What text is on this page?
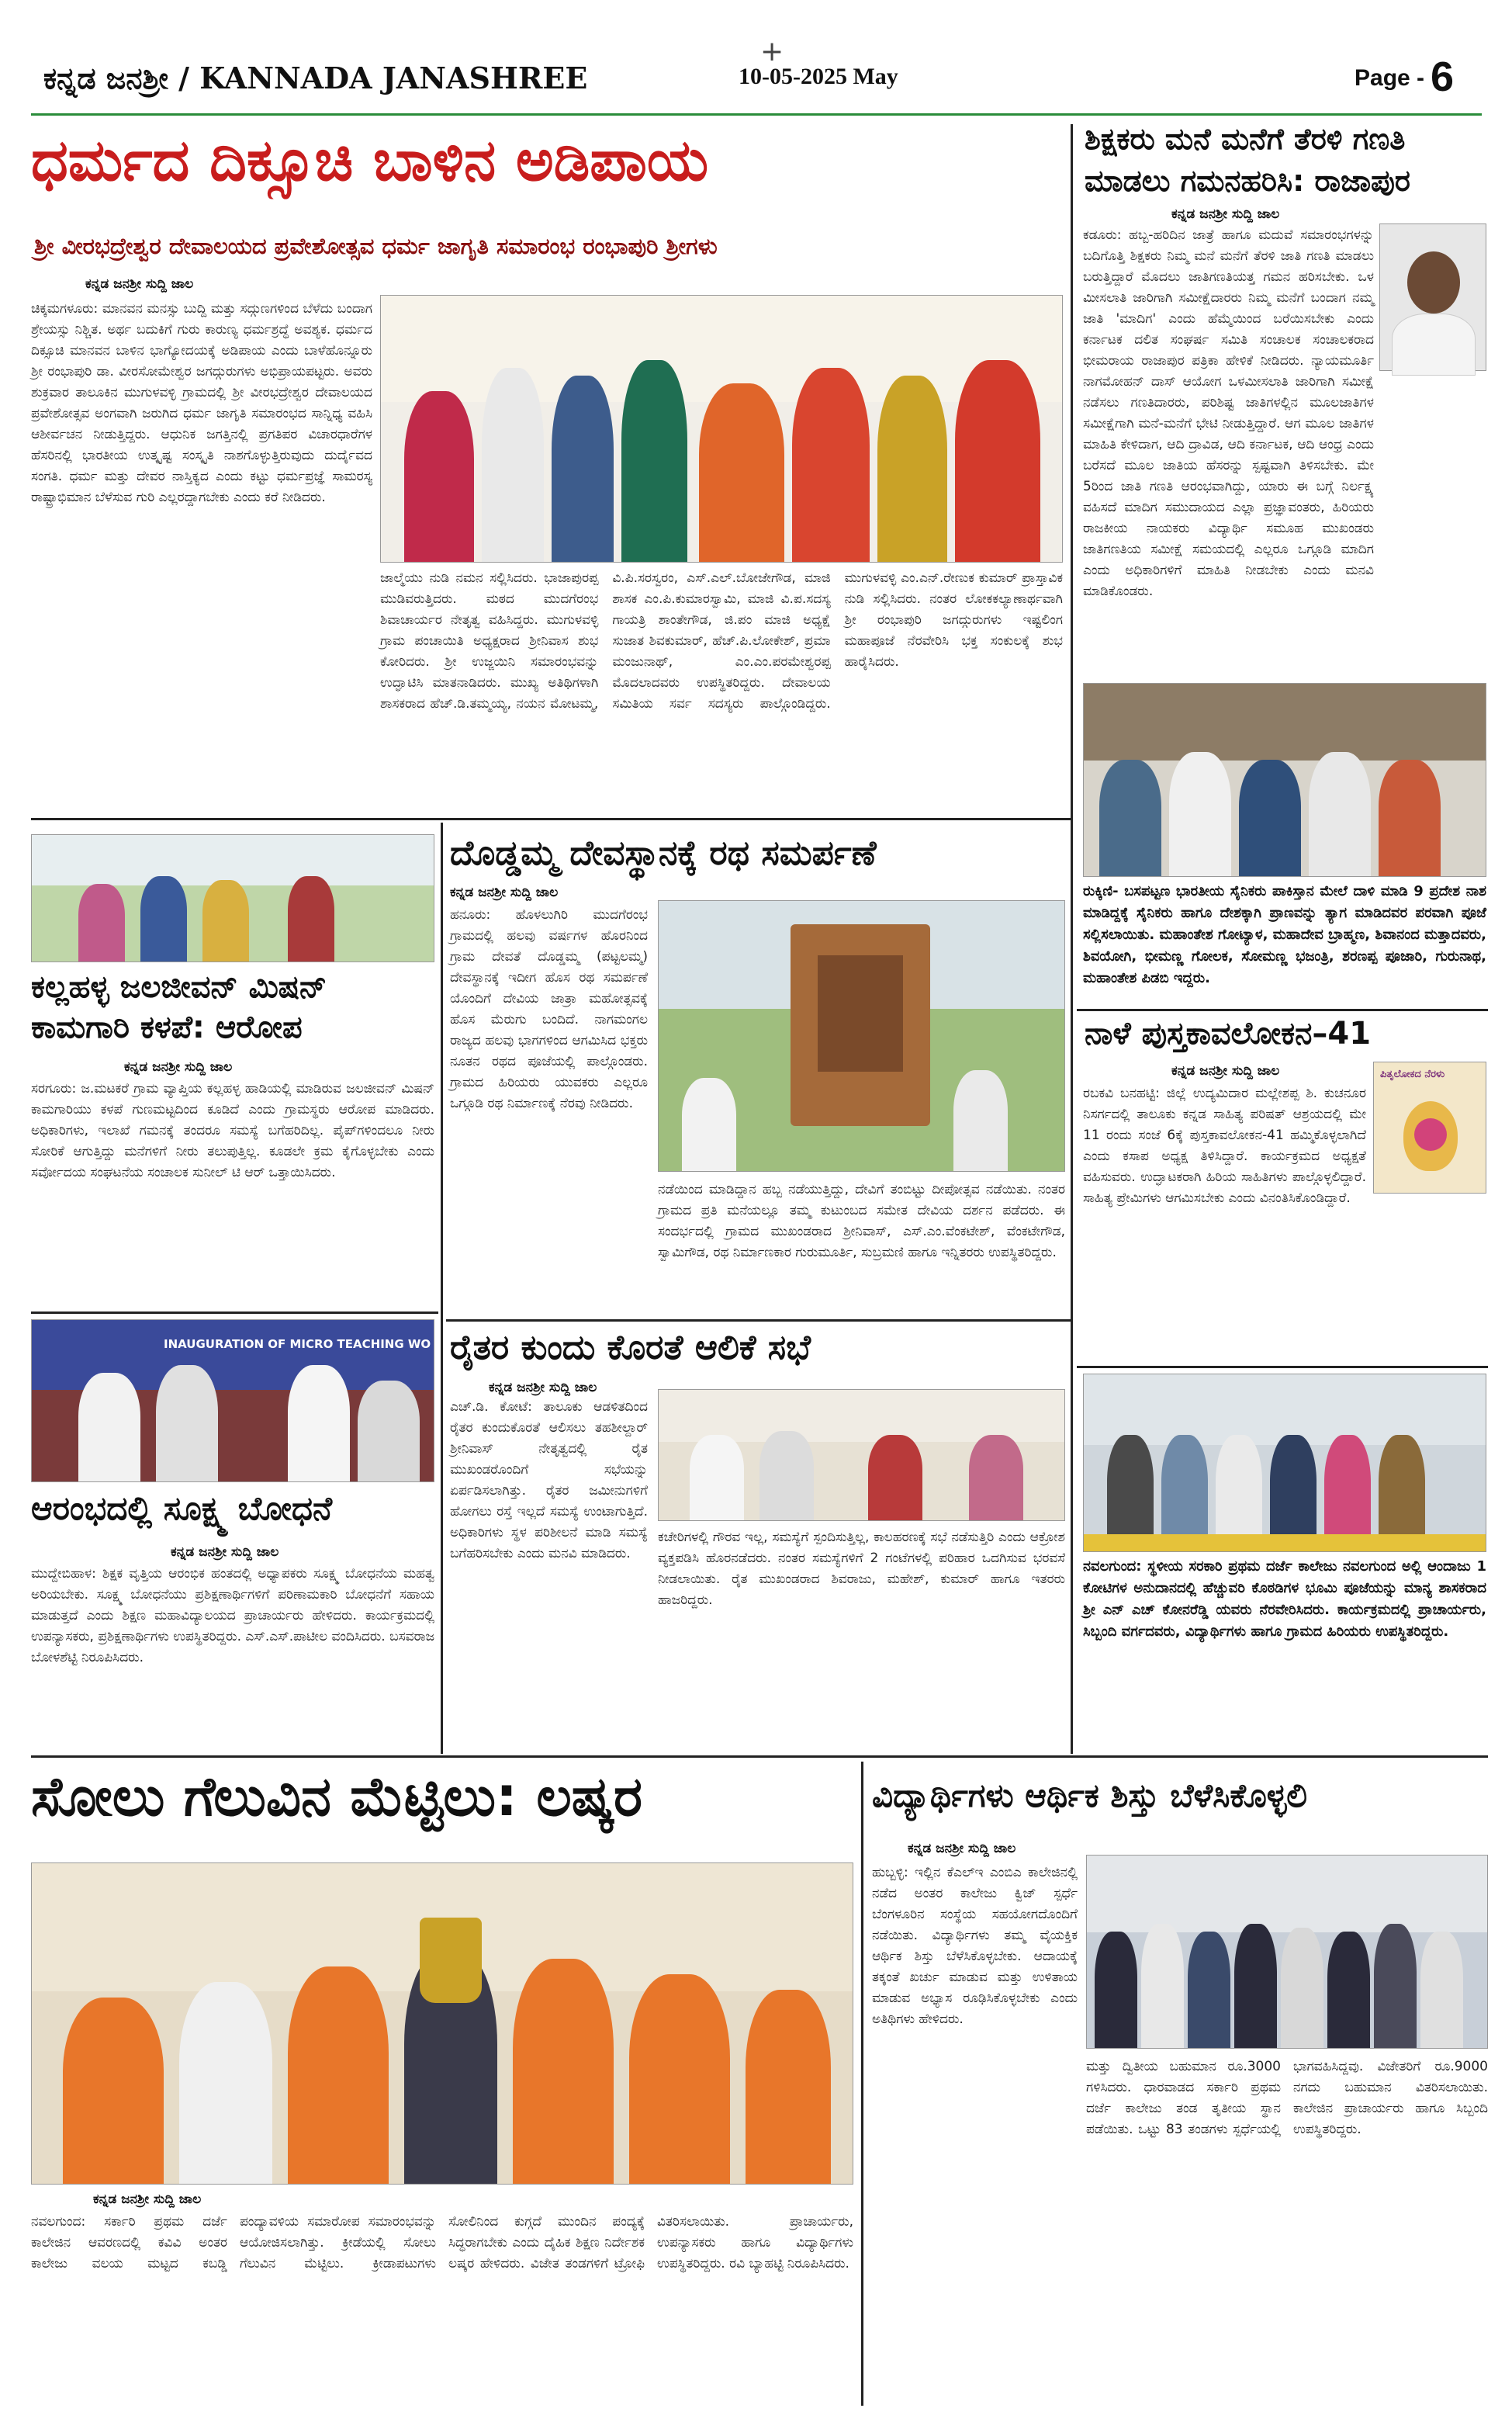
+
ಕನ್ನಡ ಜನಶ್ರೀ / KANNADA JANASHREE	10-05-2025 May	Page - 6
ಧರ್ಮದ ದಿಕ್ಸೂಚಿ ಬಾಳಿನ ಅಡಿಪಾಯ
ಶ್ರೀ ವೀರಭದ್ರೇಶ್ವರ ದೇವಾಲಯದ ಪ್ರವೇಶೋತ್ಸವ ಧರ್ಮ ಜಾಗೃತಿ ಸಮಾರಂಭ ರಂಭಾಪುರಿ ಶ್ರೀಗಳು
ಕನ್ನಡ ಜನಶ್ರೀ ಸುದ್ದಿ ಜಾಲ
ಚಿಕ್ಕಮಗಳೂರು: ಮಾನವನ ಮನಸ್ಸು ಬುದ್ದಿ ಮತ್ತು ಸದ್ಗುಣಗಳಿಂದ ಬೆಳೆದು ಬಂದಾಗ ಶ್ರೇಯಸ್ಸು ನಿಶ್ಚಿತ. ಅರ್ಥ ಬದುಕಿಗೆ ಗುರು ಕಾರುಣ್ಯ ಧರ್ಮಶ್ರದ್ಧೆ ಅವಶ್ಯಕ. ಧರ್ಮದ ದಿಕ್ಸೂಚಿ ಮಾನವನ ಬಾಳಿನ ಭಾಗ್ಯೋದಯಕ್ಕೆ ಅಡಿಪಾಯ ಎಂದು ಬಾಳೆಹೊನ್ನೂರು ಶ್ರೀ ರಂಭಾಪುರಿ ಡಾ. ವೀರಸೋಮೇಶ್ವರ ಜಗದ್ಗುರುಗಳು ಅಭಿಪ್ರಾಯಪಟ್ಟರು. ಅವರು ಶುಕ್ರವಾರ ತಾಲೂಕಿನ ಮುಗುಳವಳ್ಳಿ ಗ್ರಾಮದಲ್ಲಿ ಶ್ರೀ ವೀರಭದ್ರೇಶ್ವರ ದೇವಾಲಯದ ಪ್ರವೇಶೋತ್ಸವ ಅಂಗವಾಗಿ ಜರುಗಿದ ಧರ್ಮ ಜಾಗೃತಿ ಸಮಾರಂಭದ ಸಾನ್ನಿಧ್ಯ ವಹಿಸಿ ಆಶೀರ್ವಚನ ನೀಡುತ್ತಿದ್ದರು. ಆಧುನಿಕ ಜಗತ್ತಿನಲ್ಲಿ ಪ್ರಗತಿಪರ ವಿಚಾರಧಾರೆಗಳ ಹೆಸರಿನಲ್ಲಿ ಭಾರತೀಯ ಉತ್ಕೃಷ್ಟ ಸಂಸ್ಕೃತಿ ನಾಶಗೊಳ್ಳುತ್ತಿರುವುದು ದುರ್ದೈವದ ಸಂಗತಿ. ಧರ್ಮ ಮತ್ತು ದೇವರ ನಾಸ್ತಿಕ್ಯದ ಎಂದು ಕಟ್ಟು ಧರ್ಮಪ್ರಜ್ಞೆ ಸಾಮರಸ್ಯ ರಾಷ್ಟ್ರಾಭಿಮಾನ ಬೆಳೆಸುವ ಗುರಿ ಎಲ್ಲರದ್ದಾಗಬೇಕು ಎಂದು ಕರೆ ನೀಡಿದರು.
ಜಾಲ್ಮೆಯು ನುಡಿ ನಮನ ಸಲ್ಲಿಸಿದರು. ಭಾಜಾಪುರಪ್ಪ ಮುಡಿವರುತ್ತಿದರು. ಮಠದ ಮುದಗೆರಂಭ ಶಿವಾಚಾರ್ಯರ ನೇತೃತ್ವ ವಹಿಸಿದ್ದರು. ಮುಗುಳವಳ್ಳಿ ಗ್ರಾಮ ಪಂಚಾಯಿತಿ ಅಧ್ಯಕ್ಷರಾದ ಶ್ರೀನಿವಾಸ ಶುಭ ಕೋರಿದರು. ಶ್ರೀ ಉಜ್ಜಯಿನಿ ಸಮಾರಂಭವನ್ನು ಉದ್ಘಾಟಿಸಿ ಮಾತನಾಡಿದರು. ಮುಖ್ಯ ಅತಿಥಿಗಳಾಗಿ ಶಾಸಕರಾದ ಹೆಚ್.ಡಿ.ತಮ್ಮಯ್ಯ, ನಯನ ಮೋಟಮ್ಮ, ವಿ.ಪಿ.ಸರಸ್ವರಂ, ಎಸ್.ಎಲ್.ಬೋಜೇಗೌಡ, ಮಾಜಿ ಶಾಸಕ ಎಂ.ಪಿ.ಕುಮಾರಸ್ವಾಮಿ, ಮಾಜಿ ವಿ.ಪ.ಸದಸ್ಯ ಗಾಯತ್ರಿ ಶಾಂತೇಗೌಡ, ಜಿ.ಪಂ ಮಾಜಿ ಅಧ್ಯಕ್ಷೆ ಸುಜಾತ ಶಿವಕುಮಾರ್, ಹೆಚ್.ಪಿ.ಲೋಕೇಶ್, ಪ್ರಮಾ ಮಂಜುನಾಥ್, ಎಂ.ಎಂ.ಪರಮೇಶ್ವರಪ್ಪ ಮೊದಲಾದವರು ಉಪಸ್ಥಿತರಿದ್ದರು. ದೇವಾಲಯ ಸಮಿತಿಯ ಸರ್ವ ಸದಸ್ಯರು ಪಾಲ್ಗೊಂಡಿದ್ದರು. ಮುಗುಳವಳ್ಳಿ ಎಂ.ಎನ್.ರೇಣುಕ ಕುಮಾರ್ ಪ್ರಾಸ್ತಾವಿಕ ನುಡಿ ಸಲ್ಲಿಸಿದರು. ನಂತರ ಲೋಕಕಲ್ಯಾಣಾರ್ಥವಾಗಿ ಶ್ರೀ ರಂಭಾಪುರಿ ಜಗದ್ಗುರುಗಳು ಇಷ್ಟಲಿಂಗ ಮಹಾಪೂಜೆ ನೆರವೇರಿಸಿ ಭಕ್ತ ಸಂಕುಲಕ್ಕೆ ಶುಭ ಹಾರೈಸಿದರು.
ಶಿಕ್ಷಕರು ಮನೆ ಮನೆಗೆ ತೆರಳಿ ಗಣತಿ
ಮಾಡಲು ಗಮನಹರಿಸಿ: ರಾಜಾಪುರ
ಕನ್ನಡ ಜನಶ್ರೀ ಸುದ್ದಿ ಜಾಲ
ಕಡೂರು: ಹಬ್ಬ-ಹರಿದಿನ ಜಾತ್ರೆ ಹಾಗೂ ಮದುವೆ ಸಮಾರಂಭಗಳನ್ನು ಬದಿಗೊತ್ತಿ ಶಿಕ್ಷಕರು ನಿಮ್ಮ ಮನೆ ಮನೆಗೆ ತೆರಳಿ ಜಾತಿ ಗಣತಿ ಮಾಡಲು ಬರುತ್ತಿದ್ದಾರೆ ಮೊದಲು ಜಾತಿಗಣತಿಯತ್ತ ಗಮನ ಹರಿಸಬೇಕು. ಒಳ ಮೀಸಲಾತಿ ಜಾರಿಗಾಗಿ ಸಮೀಕ್ಷೆದಾರರು ನಿಮ್ಮ ಮನೆಗೆ ಬಂದಾಗ ನಮ್ಮ ಜಾತಿ 'ಮಾದಿಗ' ಎಂದು ಹೆಮ್ಮೆಯಿಂದ ಬರೆಯಿಸಬೇಕು ಎಂದು ಕರ್ನಾಟಕ ದಲಿತ ಸಂಘರ್ಷ ಸಮಿತಿ ಸಂಚಾಲಕ ಸಂಚಾಲಕರಾದ ಭೀಮರಾಯ ರಾಜಾಪುರ ಪತ್ರಿಕಾ ಹೇಳಿಕೆ ನೀಡಿದರು. ನ್ಯಾಯಮೂರ್ತಿ ನಾಗಮೋಹನ್ ದಾಸ್ ಆಯೋಗ ಒಳಮೀಸಲಾತಿ ಜಾರಿಗಾಗಿ ಸಮೀಕ್ಷೆ ನಡೆಸಲು ಗಣತಿದಾರರು, ಪರಿಶಿಷ್ಟ ಜಾತಿಗಳಲ್ಲಿನ ಮೂಲಜಾತಿಗಳ ಸಮೀಕ್ಷೆಗಾಗಿ ಮನೆ-ಮನೆಗೆ ಭೇಟಿ ನೀಡುತ್ತಿದ್ದಾರೆ. ಆಗ ಮೂಲ ಜಾತಿಗಳ ಮಾಹಿತಿ ಕೇಳಿದಾಗ, ಆದಿ ದ್ರಾವಿಡ, ಆದಿ ಕರ್ನಾಟಕ, ಆದಿ ಆಂಧ್ರ ಎಂದು ಬರೆಸದೆ ಮೂಲ ಜಾತಿಯ ಹೆಸರನ್ನು ಸ್ಪಷ್ಟವಾಗಿ ತಿಳಿಸಬೇಕು. ಮೇ 5ರಿಂದ ಜಾತಿ ಗಣತಿ ಆರಂಭವಾಗಿದ್ದು, ಯಾರು ಈ ಬಗ್ಗೆ ನಿರ್ಲಕ್ಷ್ಯ ವಹಿಸದೆ ಮಾದಿಗ ಸಮುದಾಯದ ಎಲ್ಲಾ ಪ್ರಜ್ಞಾವಂತರು, ಹಿರಿಯರು ರಾಜಕೀಯ ನಾಯಕರು ವಿದ್ಯಾರ್ಥಿ ಸಮೂಹ ಮುಖಂಡರು ಜಾತಿಗಣತಿಯ ಸಮೀಕ್ಷೆ ಸಮಯದಲ್ಲಿ ಎಲ್ಲರೂ ಒಗ್ಗೂಡಿ ಮಾದಿಗ ಎಂದು ಅಧಿಕಾರಿಗಳಿಗೆ ಮಾಹಿತಿ ನೀಡಬೇಕು ಎಂದು ಮನವಿ ಮಾಡಿಕೊಂಡರು.
ರುಕ್ಕಿಣಿ- ಬಸಪಟ್ಟಣ ಭಾರತೀಯ ಸೈನಿಕರು ಪಾಕಿಸ್ತಾನ ಮೇಲೆ ದಾಳಿ ಮಾಡಿ 9 ಪ್ರದೇಶ ನಾಶ ಮಾಡಿದ್ದಕ್ಕೆ ಸೈನಿಕರು ಹಾಗೂ ದೇಶಕ್ಕಾಗಿ ಪ್ರಾಣವನ್ನು ತ್ಯಾಗ ಮಾಡಿದವರ ಪರವಾಗಿ ಪೂಜೆ ಸಲ್ಲಿಸಲಾಯಿತು. ಮಹಾಂತೇಶ ಗೋಟ್ಯಾಳ, ಮಹಾದೇವ ಬ್ರಾಹ್ಮಣ, ಶಿವಾನಂದ ಮತ್ತಾದವರು, ಶಿವಯೋಗಿ, ಭೀಮಣ್ಣ ಗೋಲಕ, ಸೋಮಣ್ಣ ಭಜಂತ್ರಿ, ಶರಣಪ್ಪ ಪೂಜಾರಿ, ಗುರುನಾಥ, ಮಹಾಂತೇಶ ಪಿಡಬಿ ಇದ್ದರು.
ನಾಳೆ ಪುಸ್ತಕಾವಲೋಕನ–41
ಕನ್ನಡ ಜನಶ್ರೀ ಸುದ್ದಿ ಜಾಲ
ರಬಕವಿ ಬನಹಟ್ಟಿ: ಜಿಲ್ಲೆ ಉದ್ಯಮಿದಾರ ಮಲ್ಲೇಶಪ್ಪ ಶಿ. ಕುಚನೂರ ನಿಸರ್ಗದಲ್ಲಿ ತಾಲೂಕು ಕನ್ನಡ ಸಾಹಿತ್ಯ ಪರಿಷತ್ ಆಶ್ರಯದಲ್ಲಿ ಮೇ 11 ರಂದು ಸಂಜೆ 6ಕ್ಕೆ ಪುಸ್ತಕಾವಲೋಕನ-41 ಹಮ್ಮಿಕೊಳ್ಳಲಾಗಿದೆ ಎಂದು ಕಸಾಪ ಅಧ್ಯಕ್ಷ ತಿಳಿಸಿದ್ದಾರೆ. ಕಾರ್ಯಕ್ರಮದ ಅಧ್ಯಕ್ಷತೆ ವಹಿಸುವರು. ಉದ್ಘಾಟಕರಾಗಿ ಹಿರಿಯ ಸಾಹಿತಿಗಳು ಪಾಲ್ಗೊಳ್ಳಲಿದ್ದಾರೆ. ಸಾಹಿತ್ಯ ಪ್ರೇಮಿಗಳು ಆಗಮಿಸಬೇಕು ಎಂದು ವಿನಂತಿಸಿಕೊಂಡಿದ್ದಾರೆ.
ಪಿತೃಲೋಕದ ನೆರಳು
ನವಲಗುಂದ: ಸ್ಥಳೀಯ ಸರಕಾರಿ ಪ್ರಥಮ ದರ್ಜೆ ಕಾಲೇಜು ನವಲಗುಂದ ಅಲ್ಲಿ ಆಂದಾಜು 1 ಕೋಟಿಗಳ ಅನುದಾನದಲ್ಲಿ ಹೆಚ್ಚುವರಿ ಕೊಠಡಿಗಳ ಭೂಮಿ ಪೂಜೆಯನ್ನು ಮಾನ್ಯ ಶಾಸಕರಾದ ಶ್ರೀ ಎನ್ ಎಚ್ ಕೋನರೆಡ್ಡಿ ಯವರು ನೆರವೇರಿಸಿದರು. ಕಾರ್ಯಕ್ರಮದಲ್ಲಿ ಪ್ರಾಚಾರ್ಯರು, ಸಿಬ್ಬಂದಿ ವರ್ಗದವರು, ವಿದ್ಯಾರ್ಥಿಗಳು ಹಾಗೂ ಗ್ರಾಮದ ಹಿರಿಯರು ಉಪಸ್ಥಿತರಿದ್ದರು.
ಕಲ್ಲಹಳ್ಳ ಜಲಜೀವನ್ ಮಿಷನ್
ಕಾಮಗಾರಿ ಕಳಪೆ: ಆರೋಪ
ಕನ್ನಡ ಜನಶ್ರೀ ಸುದ್ದಿ ಜಾಲ
ಸರಗೂರು: ಜ.ಮಟಕರೆ ಗ್ರಾಮ ವ್ಯಾಪ್ತಿಯ ಕಲ್ಲಹಳ್ಳ ಹಾಡಿಯಲ್ಲಿ ಮಾಡಿರುವ ಜಲಜೀವನ್ ಮಿಷನ್ ಕಾಮಗಾರಿಯು ಕಳಪೆ ಗುಣಮಟ್ಟದಿಂದ ಕೂಡಿದೆ ಎಂದು ಗ್ರಾಮಸ್ಥರು ಆರೋಪ ಮಾಡಿದರು. ಅಧಿಕಾರಿಗಳು, ಇಲಾಖೆ ಗಮನಕ್ಕೆ ತಂದರೂ ಸಮಸ್ಯೆ ಬಗೆಹರಿದಿಲ್ಲ. ಪೈಪ್‌ಗಳಿಂದಲೂ ನೀರು ಸೋರಿಕೆ ಆಗುತ್ತಿದ್ದು ಮನೆಗಳಿಗೆ ನೀರು ತಲುಪುತ್ತಿಲ್ಲ. ಕೂಡಲೇ ಕ್ರಮ ಕೈಗೊಳ್ಳಬೇಕು ಎಂದು ಸರ್ವೋದಯ ಸಂಘಟನೆಯ ಸಂಚಾಲಕ ಸುನೀಲ್ ಟಿ ಆರ್ ಒತ್ತಾಯಿಸಿದರು.
INAUGURATION OF MICRO TEACHING WO
ಆರಂಭದಲ್ಲಿ ಸೂಕ್ಷ್ಮ ಬೋಧನೆ
ಕನ್ನಡ ಜನಶ್ರೀ ಸುದ್ದಿ ಜಾಲ
ಮುದ್ದೇಬಿಹಾಳ: ಶಿಕ್ಷಕ ವೃತ್ತಿಯ ಆರಂಭಿಕ ಹಂತದಲ್ಲಿ ಅಧ್ಯಾಪಕರು ಸೂಕ್ಷ್ಮ ಬೋಧನೆಯ ಮಹತ್ವ ಅರಿಯಬೇಕು. ಸೂಕ್ಷ್ಮ ಬೋಧನೆಯು ಪ್ರಶಿಕ್ಷಣಾರ್ಥಿಗಳಿಗೆ ಪರಿಣಾಮಕಾರಿ ಬೋಧನೆಗೆ ಸಹಾಯ ಮಾಡುತ್ತದೆ ಎಂದು ಶಿಕ್ಷಣ ಮಹಾವಿದ್ಯಾಲಯದ ಪ್ರಾಚಾರ್ಯರು ಹೇಳಿದರು. ಕಾರ್ಯಕ್ರಮದಲ್ಲಿ ಉಪನ್ಯಾಸಕರು, ಪ್ರಶಿಕ್ಷಣಾರ್ಥಿಗಳು ಉಪಸ್ಥಿತರಿದ್ದರು. ಎಸ್.ಎಸ್.ಪಾಟೀಲ ವಂದಿಸಿದರು. ಬಸವರಾಜ ಬೋಳಶೆಟ್ಟಿ ನಿರೂಪಿಸಿದರು.
ದೊಡ್ಡಮ್ಮ ದೇವಸ್ಥಾನಕ್ಕೆ ರಥ ಸಮರ್ಪಣೆ
ಕನ್ನಡ ಜನಶ್ರೀ ಸುದ್ದಿ ಜಾಲ
ಹನೂರು: ಹೊಳಲುಗಿರಿ ಮುದಗೆರಂಭ ಗ್ರಾಮದಲ್ಲಿ ಹಲವು ವರ್ಷಗಳ ಹೊರನಿಂದ ಗ್ರಾಮ ದೇವತೆ ದೊಡ್ಡಮ್ಮ (ಪಟ್ಟಲಮ್ಮ) ದೇವಸ್ಥಾನಕ್ಕೆ ಇದೀಗ ಹೊಸ ರಥ ಸಮರ್ಪಣೆ ಯೊಂದಿಗೆ ದೇವಿಯ ಜಾತ್ರಾ ಮಹೋತ್ಸವಕ್ಕೆ ಹೊಸ ಮೆರುಗು ಬಂದಿದೆ. ನಾಗಮಂಗಲ ರಾಜ್ಯದ ಹಲವು ಭಾಗಗಳಿಂದ ಆಗಮಿಸಿದ ಭಕ್ತರು ನೂತನ ರಥದ ಪೂಜೆಯಲ್ಲಿ ಪಾಲ್ಗೊಂಡರು. ಗ್ರಾಮದ ಹಿರಿಯರು ಯುವಕರು ಎಲ್ಲರೂ ಒಗ್ಗೂಡಿ ರಥ ನಿರ್ಮಾಣಕ್ಕೆ ನೆರವು ನೀಡಿದರು.
ನಡೆಯಿಂದ ಮಾಡಿದ್ದಾನ ಹಬ್ಬ ನಡೆಯುತ್ತಿದ್ದು, ದೇವಿಗೆ ತಂಬಿಟ್ಟು ದೀಪೋತ್ಸವ ನಡೆಯಿತು. ನಂತರ ಗ್ರಾಮದ ಪ್ರತಿ ಮನೆಯಲ್ಲೂ ತಮ್ಮ ಕುಟುಂಬದ ಸಮೇತ ದೇವಿಯ ದರ್ಶನ ಪಡೆದರು. ಈ ಸಂದರ್ಭದಲ್ಲಿ ಗ್ರಾಮದ ಮುಖಂಡರಾದ ಶ್ರೀನಿವಾಸ್, ಎಸ್.ಎಂ.ವೆಂಕಟೇಶ್, ವೆಂಕಟೇಗೌಡ, ಸ್ವಾಮಿಗೌಡ, ರಥ ನಿರ್ಮಾಣಕಾರ ಗುರುಮೂರ್ತಿ, ಸುಬ್ರಮಣಿ ಹಾಗೂ ಇನ್ನಿತರರು ಉಪಸ್ಥಿತರಿದ್ದರು.
ರೈತರ ಕುಂದು ಕೊರತೆ ಆಲಿಕೆ ಸಭೆ
ಕನ್ನಡ ಜನಶ್ರೀ ಸುದ್ದಿ ಜಾಲ
ಎಚ್.ಡಿ. ಕೋಟೆ: ತಾಲೂಕು ಆಡಳಿತದಿಂದ ರೈತರ ಕುಂದುಕೊರತೆ ಆಲಿಸಲು ತಹಶೀಲ್ದಾರ್ ಶ್ರೀನಿವಾಸ್ ನೇತೃತ್ವದಲ್ಲಿ ರೈತ ಮುಖಂಡರೊಂದಿಗೆ ಸಭೆಯನ್ನು ಏರ್ಪಡಿಸಲಾಗಿತ್ತು. ರೈತರ ಜಮೀನುಗಳಿಗೆ ಹೋಗಲು ರಸ್ತೆ ಇಲ್ಲದೆ ಸಮಸ್ಯೆ ಉಂಟಾಗುತ್ತಿದೆ. ಅಧಿಕಾರಿಗಳು ಸ್ಥಳ ಪರಿಶೀಲನೆ ಮಾಡಿ ಸಮಸ್ಯೆ ಬಗೆಹರಿಸಬೇಕು ಎಂದು ಮನವಿ ಮಾಡಿದರು.
ಕಚೇರಿಗಳಲ್ಲಿ ಗೌರವ ಇಲ್ಲ, ಸಮಸ್ಯೆಗೆ ಸ್ಪಂದಿಸುತ್ತಿಲ್ಲ, ಕಾಲಹರಣಕ್ಕೆ ಸಭೆ ನಡೆಸುತ್ತಿರಿ ಎಂದು ಆಕ್ರೋಶ ವ್ಯಕ್ತಪಡಿಸಿ ಹೊರನಡೆದರು. ನಂತರ ಸಮಸ್ಯೆಗಳಿಗೆ 2 ಗಂಟೆಗಳಲ್ಲಿ ಪರಿಹಾರ ಒದಗಿಸುವ ಭರವಸೆ ನೀಡಲಾಯಿತು. ರೈತ ಮುಖಂಡರಾದ ಶಿವರಾಜು, ಮಹೇಶ್, ಕುಮಾರ್ ಹಾಗೂ ಇತರರು ಹಾಜರಿದ್ದರು.
ಸೋಲು ಗೆಲುವಿನ ಮೆಟ್ಟಿಲು: ಲಷ್ಕರ
ಕನ್ನಡ ಜನಶ್ರೀ ಸುದ್ದಿ ಜಾಲ
ನವಲಗುಂದ: ಸರ್ಕಾರಿ ಪ್ರಥಮ ದರ್ಜೆ ಕಾಲೇಜಿನ ಆವರಣದಲ್ಲಿ ಕವಿವಿ ಅಂತರ ಕಾಲೇಜು ವಲಯ ಮಟ್ಟದ ಕಬಡ್ಡಿ ಪಂದ್ಯಾವಳಿಯ ಸಮಾರೋಪ ಸಮಾರಂಭವನ್ನು ಆಯೋಜಿಸಲಾಗಿತ್ತು. ಕ್ರೀಡೆಯಲ್ಲಿ ಸೋಲು ಗೆಲುವಿನ ಮೆಟ್ಟಿಲು. ಕ್ರೀಡಾಪಟುಗಳು ಸೋಲಿನಿಂದ ಕುಗ್ಗದೆ ಮುಂದಿನ ಪಂದ್ಯಕ್ಕೆ ಸಿದ್ಧರಾಗಬೇಕು ಎಂದು ದೈಹಿಕ ಶಿಕ್ಷಣ ನಿರ್ದೇಶಕ ಲಷ್ಕರ ಹೇಳಿದರು. ವಿಜೇತ ತಂಡಗಳಿಗೆ ಟ್ರೋಫಿ ವಿತರಿಸಲಾಯಿತು. ಪ್ರಾಚಾರ್ಯರು, ಉಪನ್ಯಾಸಕರು ಹಾಗೂ ವಿದ್ಯಾರ್ಥಿಗಳು ಉಪಸ್ಥಿತರಿದ್ದರು. ರವಿ ಬ್ಯಾಹಟ್ಟಿ ನಿರೂಪಿಸಿದರು.
ವಿದ್ಯಾರ್ಥಿಗಳು ಆರ್ಥಿಕ ಶಿಸ್ತು ಬೆಳೆಸಿಕೊಳ್ಳಲಿ
ಕನ್ನಡ ಜನಶ್ರೀ ಸುದ್ದಿ ಜಾಲ
ಹುಬ್ಬಳ್ಳಿ: ಇಲ್ಲಿನ ಕೆಎಲ್‌ಇ ಎಂಬಿಎ ಕಾಲೇಜಿನಲ್ಲಿ ನಡೆದ ಅಂತರ ಕಾಲೇಜು ಕ್ವಿಜ್ ಸ್ಪರ್ಧೆ ಬೆಂಗಳೂರಿನ ಸಂಸ್ಥೆಯ ಸಹಯೋಗದೊಂದಿಗೆ ನಡೆಯಿತು. ವಿದ್ಯಾರ್ಥಿಗಳು ತಮ್ಮ ವೈಯಕ್ತಿಕ ಆರ್ಥಿಕ ಶಿಸ್ತು ಬೆಳೆಸಿಕೊಳ್ಳಬೇಕು. ಆದಾಯಕ್ಕೆ ತಕ್ಕಂತೆ ಖರ್ಚು ಮಾಡುವ ಮತ್ತು ಉಳಿತಾಯ ಮಾಡುವ ಅಭ್ಯಾಸ ರೂಢಿಸಿಕೊಳ್ಳಬೇಕು ಎಂದು ಅತಿಥಿಗಳು ಹೇಳಿದರು.
ಮತ್ತು ದ್ವಿತೀಯ ಬಹುಮಾನ ರೂ.3000 ಗಳಿಸಿದರು. ಧಾರವಾಡದ ಸರ್ಕಾರಿ ಪ್ರಥಮ ದರ್ಜೆ ಕಾಲೇಜು ತಂಡ ತೃತೀಯ ಸ್ಥಾನ ಪಡೆಯಿತು. ಒಟ್ಟು 83 ತಂಡಗಳು ಸ್ಪರ್ಧೆಯಲ್ಲಿ ಭಾಗವಹಿಸಿದ್ದವು. ವಿಜೇತರಿಗೆ ರೂ.9000 ನಗದು ಬಹುಮಾನ ವಿತರಿಸಲಾಯಿತು. ಕಾಲೇಜಿನ ಪ್ರಾಚಾರ್ಯರು ಹಾಗೂ ಸಿಬ್ಬಂದಿ ಉಪಸ್ಥಿತರಿದ್ದರು.
